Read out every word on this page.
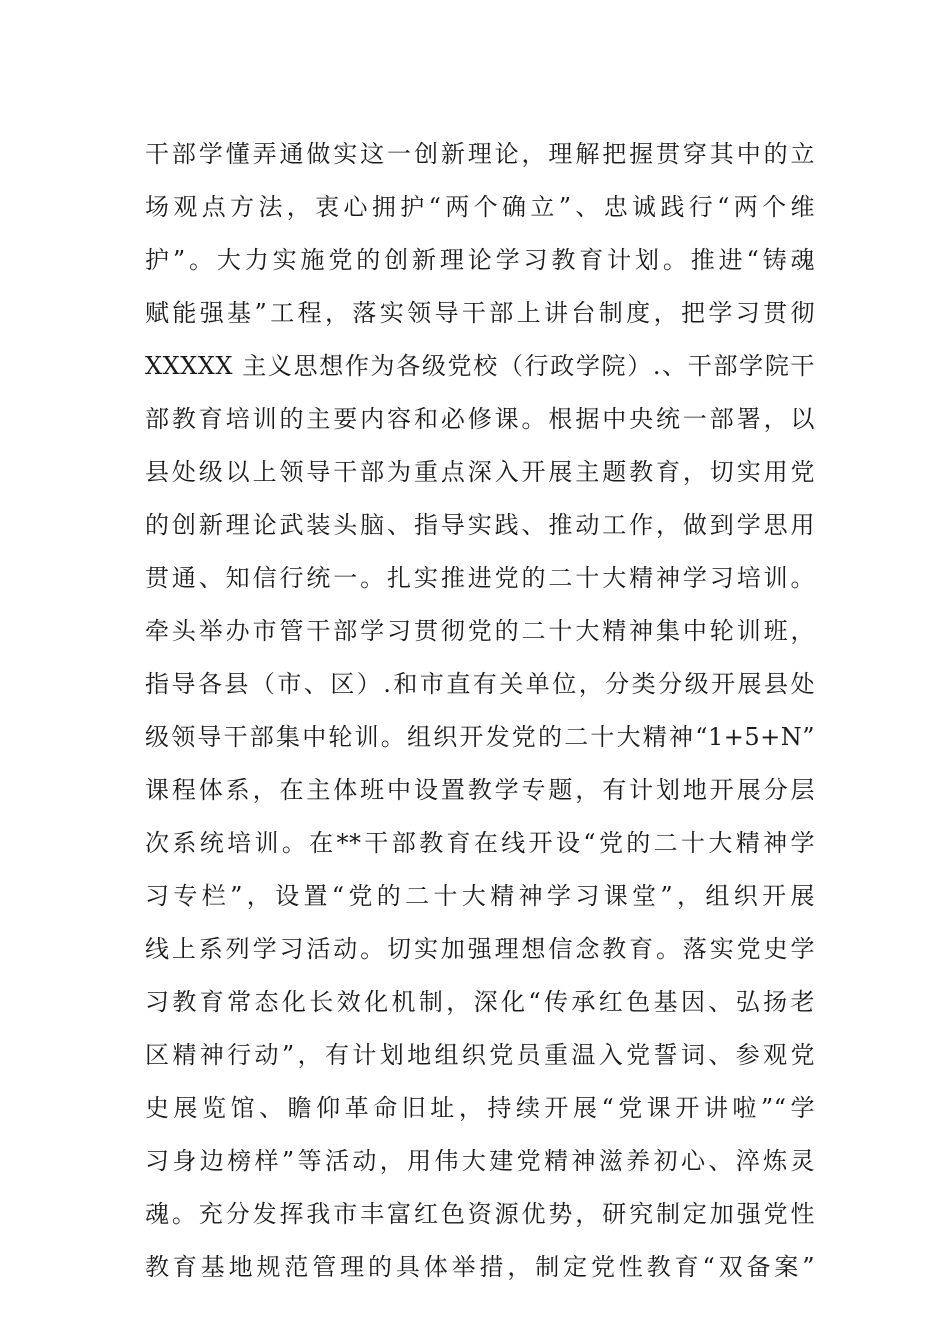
干部学懂弄通做实这一创新理论，理解把握贯穿其中的立
场观点方法，衷心拥护“两个确立”、忠诚践行“两个维
护”。大力实施党的创新理论学习教育计划。推进“铸魂
赋能强基”工程，落实领导干部上讲台制度，把学习贯彻
XXXXX 主义思想作为各级党校（行政学院）.、干部学院干
部教育培训的主要内容和必修课。根据中央统一部署，以
县处级以上领导干部为重点深入开展主题教育，切实用党
的创新理论武装头脑、指导实践、推动工作，做到学思用
贯通、知信行统一。扎实推进党的二十大精神学习培训。
牵头举办市管干部学习贯彻党的二十大精神集中轮训班，
指导各县（市、区）.和市直有关单位，分类分级开展县处
级领导干部集中轮训。组织开发党的二十大精神“1+5+N”
课程体系，在主体班中设置教学专题，有计划地开展分层
次系统培训。在**干部教育在线开设“党的二十大精神学
习专栏”，设置“党的二十大精神学习课堂”，组织开展
线上系列学习活动。切实加强理想信念教育。落实党史学
习教育常态化长效化机制，深化“传承红色基因、弘扬老
区精神行动”，有计划地组织党员重温入党誓词、参观党
史展览馆、瞻仰革命旧址，持续开展“党课开讲啦”“学
习身边榜样”等活动，用伟大建党精神滋养初心、淬炼灵
魂。充分发挥我市丰富红色资源优势，研究制定加强党性
教育基地规范管理的具体举措，制定党性教育“双备案”
